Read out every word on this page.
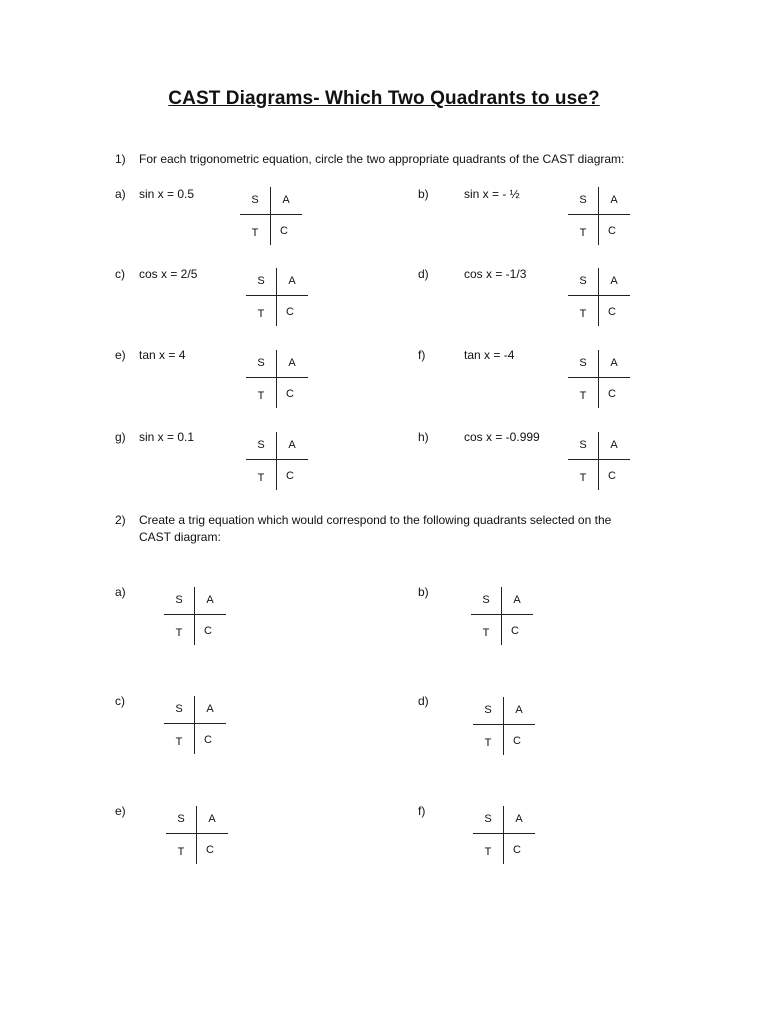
CAST Diagrams- Which Two Quadrants to use?
1) For each trigonometric equation, circle the two appropriate quadrants of the CAST diagram:
a) sin x = 0.5	S	A
T	C
b)	sin x = - ½	S	A
T	C
c) cos x = 2/5	S	A
T	C
d)	cos x = -1/3	S	A
T	C
e) tan x = 4
S	A
T	C
f)	tan x = -4
S	A
T	C
g) sin x = 0.1
S	A
T	C
h)	cos x = -0.999
S	A
T	C
2) Create a trig equation which would correspond to the following quadrants selected on the
CAST diagram:
a)
S	A
T	C
b)
S	A
T	C
c)
S	A
T	C
d)
S	A
T	C
e)
S	A
T	C
f)
S	A
T	C
